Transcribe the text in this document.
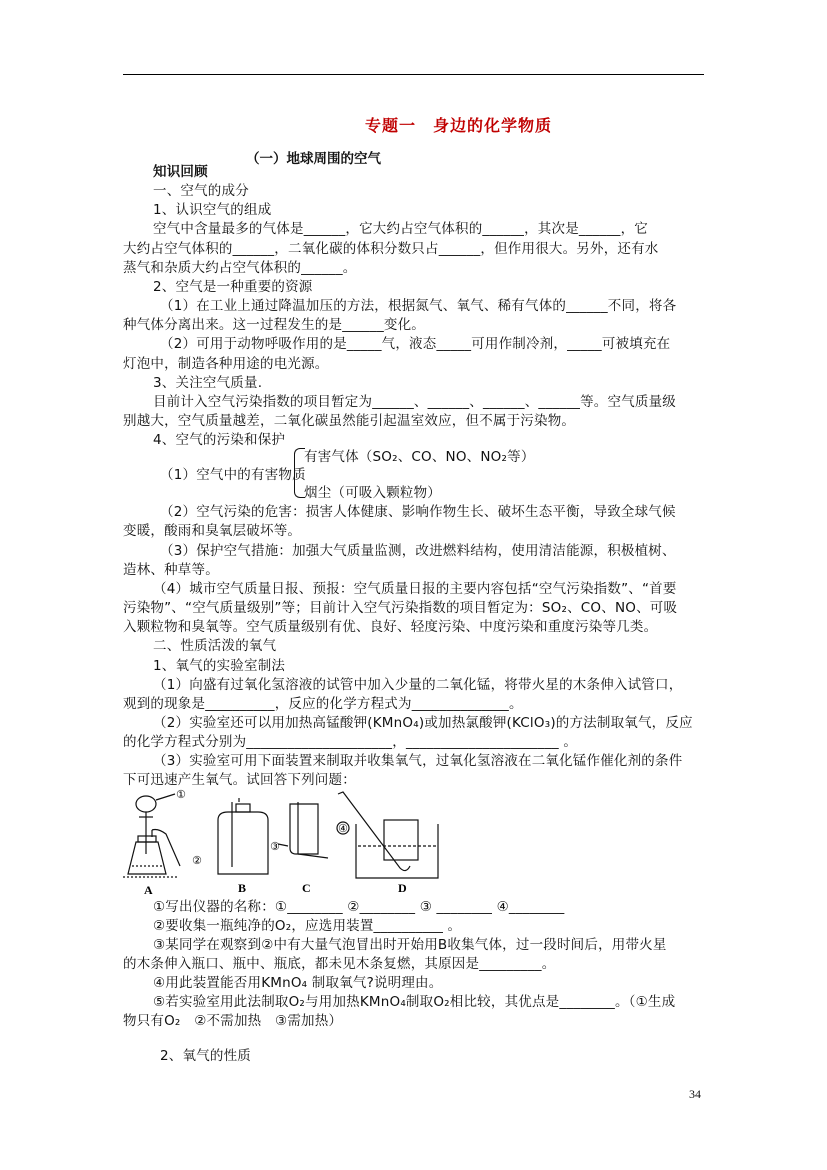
专题一　身边的化学物质
（一）地球周围的空气
知识回顾
一、空气的成分
1、认识空气的组成
空气中含量最多的气体是______，它大约占空气体积的______，其次是______，它
大约占空气体积的______，二氧化碳的体积分数只占______，但作用很大。另外，还有水
蒸气和杂质大约占空气体积的______。
2、空气是一种重要的资源
（1）在工业上通过降温加压的方法，根据氮气、氧气、稀有气体的______不同，将各
种气体分离出来。这一过程发生的是______变化。
（2）可用于动物呼吸作用的是_____气，液态_____可用作制冷剂，_____可被填充在
灯泡中，制造各种用途的电光源。
3、关注空气质量.
目前计入空气污染指数的项目暂定为______、______、______、______等。空气质量级
别越大，空气质量越差，二氧化碳虽然能引起温室效应，但不属于污染物。
4、空气的污染和保护
有害气体（SO₂、CO、NO、NO₂等）
（1）空气中的有害物质
烟尘（可吸入颗粒物）
（2）空气污染的危害：损害人体健康、影响作物生长、破坏生态平衡，导致全球气候
变暖，酸雨和臭氧层破坏等。
（3）保护空气措施：加强大气质量监测，改进燃料结构，使用清洁能源，积极植树、
造林、种草等。
（4）城市空气质量日报、预报：空气质量日报的主要内容包括“空气污染指数”、“首要
污染物”、“空气质量级别”等；目前计入空气污染指数的项目暂定为：SO₂、CO、NO、可吸
入颗粒物和臭氧等。空气质量级别有优、良好、轻度污染、中度污染和重度污染等几类。
二、性质活泼的氧气
1、氧气的实验室制法
（1）向盛有过氧化氢溶液的试管中加入少量的二氧化锰，将带火星的木条伸入试管口，
观到的现象是__________，反应的化学方程式为______________。
（2）实验室还可以用加热高锰酸钾(KMnO₄)或加热氯酸钾(KClO₃)的方法制取氧气，反应
的化学方程式分别为_____________________，______________________ 。
（3）实验室可用下面装置来制取并收集氧气，过氧化氢溶液在二氧化锰作催化剂的条件
下可迅速产生氧气。试回答下列问题：
①
②
③
④
A	B	C	D
①写出仪器的名称：①________ ②________ ③ ________ ④________
②要收集一瓶纯净的O₂，应选用装置__________ 。
③某同学在观察到②中有大量气泡冒出时开始用B收集气体，过一段时间后，用带火星
的木条伸入瓶口、瓶中、瓶底，都未见木条复燃，其原因是_________。
④用此装置能否用KMnO₄ 制取氧气?说明理由。
⑤若实验室用此法制取O₂与用加热KMnO₄制取O₂相比较，其优点是________。（①生成
物只有O₂　②不需加热　③需加热）
2、氧气的性质
34
